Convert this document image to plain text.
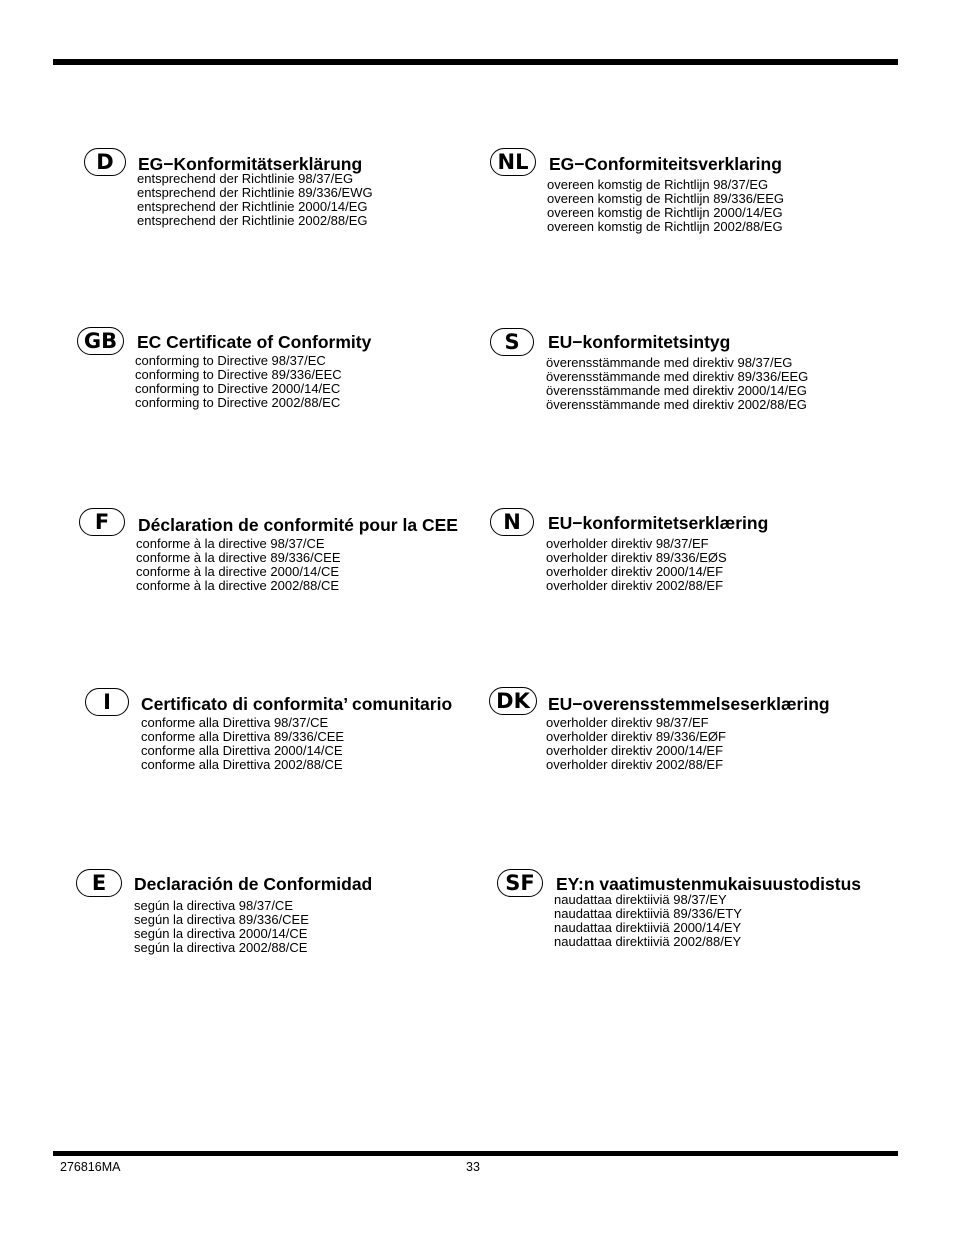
D	EG−Konformitätserklärung
entsprechend der Richtlinie 98/37/EG
entsprechend der Richtlinie 89/336/EWG
entsprechend der Richtlinie 2000/14/EG
entsprechend der Richtlinie 2002/88/EG
NL	EG−Conformiteitsverklaring
overeen komstig de Richtlijn 98/37/EG
overeen komstig de Richtlijn 89/336/EEG
overeen komstig de Richtlijn 2000/14/EG
overeen komstig de Richtlijn 2002/88/EG
GB	EC Certificate of Conformity
conforming to Directive 98/37/EC
conforming to Directive 89/336/EEC
conforming to Directive 2000/14/EC
conforming to Directive 2002/88/EC
S	EU−konformitetsintyg
överensstämmande med direktiv 98/37/EG
överensstämmande med direktiv 89/336/EEG
överensstämmande med direktiv 2000/14/EG
överensstämmande med direktiv 2002/88/EG
F	Déclaration de conformité pour la CEE
conforme à la directive 98/37/CE
conforme à la directive 89/336/CEE
conforme à la directive 2000/14/CE
conforme à la directive 2002/88/CE
N	EU−konformitetserklæring
overholder direktiv 98/37/EF
overholder direktiv 89/336/EØS
overholder direktiv 2000/14/EF
overholder direktiv 2002/88/EF
I	Certificato di conformita’ comunitario
conforme alla Direttiva 98/37/CE
conforme alla Direttiva 89/336/CEE
conforme alla Direttiva 2000/14/CE
conforme alla Direttiva 2002/88/CE
DK	EU−overensstemmelseserklæring
overholder direktiv 98/37/EF
overholder direktiv 89/336/EØF
overholder direktiv 2000/14/EF
overholder direktiv 2002/88/EF
E	Declaración de Conformidad
según la directiva 98/37/CE
según la directiva 89/336/CEE
según la directiva 2000/14/CE
según la directiva 2002/88/CE
SF	EY:n vaatimustenmukaisuustodistus
naudattaa direktiiviä 98/37/EY
naudattaa direktiiviä 89/336/ETY
naudattaa direktiiviä 2000/14/EY
naudattaa direktiiviä 2002/88/EY
276816MA	33
